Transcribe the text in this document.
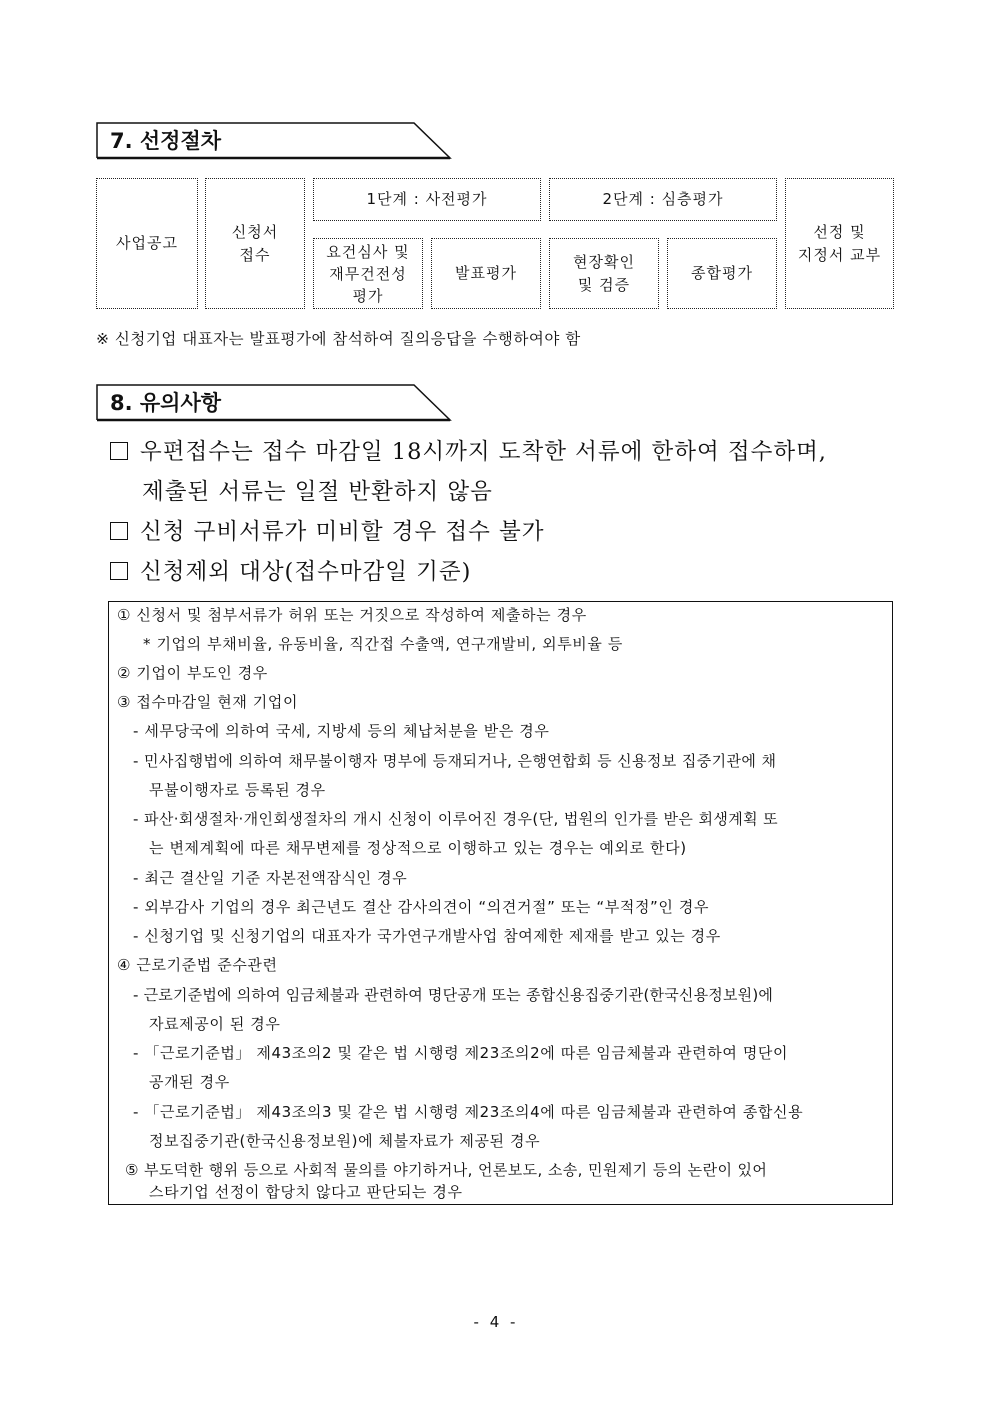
7. 선정절차
사업공고
신청서
접수
1단계 : 사전평가	2단계 : 심층평가
요건심사 및
재무건전성
평가
발표평가
현장확인
및 검증
종합평가
선정 및
지정서 교부
※ 신청기업 대표자는 발표평가에 참석하여 질의응답을 수행하여야 함
8. 유의사항
우편접수는 접수 마감일 18시까지 도착한 서류에 한하여 접수하며,
제출된 서류는 일절 반환하지 않음
신청 구비서류가 미비할 경우 접수 불가
신청제외 대상(접수마감일 기준)
① 신청서 및 첨부서류가 허위 또는 거짓으로 작성하여 제출하는 경우
* 기업의 부채비율, 유동비율, 직간접 수출액, 연구개발비, 외투비율 등
② 기업이 부도인 경우
③ 접수마감일 현재 기업이
- 세무당국에 의하여 국세, 지방세 등의 체납처분을 받은 경우
- 민사집행법에 의하여 채무불이행자 명부에 등재되거나, 은행연합회 등 신용정보 집중기관에 채
무불이행자로 등록된 경우
- 파산·회생절차·개인회생절차의 개시 신청이 이루어진 경우(단, 법원의 인가를 받은 회생계획 또
는 변제계획에 따른 채무변제를 정상적으로 이행하고 있는 경우는 예외로 한다)
- 최근 결산일 기준 자본전액잠식인 경우
- 외부감사 기업의 경우 최근년도 결산 감사의견이 “의견거절” 또는 “부적정”인 경우
- 신청기업 및 신청기업의 대표자가 국가연구개발사업 참여제한 제재를 받고 있는 경우
④ 근로기준법 준수관련
- 근로기준법에 의하여 임금체불과 관련하여 명단공개 또는 종합신용집중기관(한국신용정보원)에
자료제공이 된 경우
- 「근로기준법」 제43조의2 및 같은 법 시행령 제23조의2에 따른 임금체불과 관련하여 명단이
공개된 경우
- 「근로기준법」 제43조의3 및 같은 법 시행령 제23조의4에 따른 임금체불과 관련하여 종합신용
정보집중기관(한국신용정보원)에 체불자료가 제공된 경우
⑤ 부도덕한 행위 등으로 사회적 물의를 야기하거나, 언론보도, 소송, 민원제기 등의 논란이 있어
스타기업 선정이 합당치 않다고 판단되는 경우
- 4 -
